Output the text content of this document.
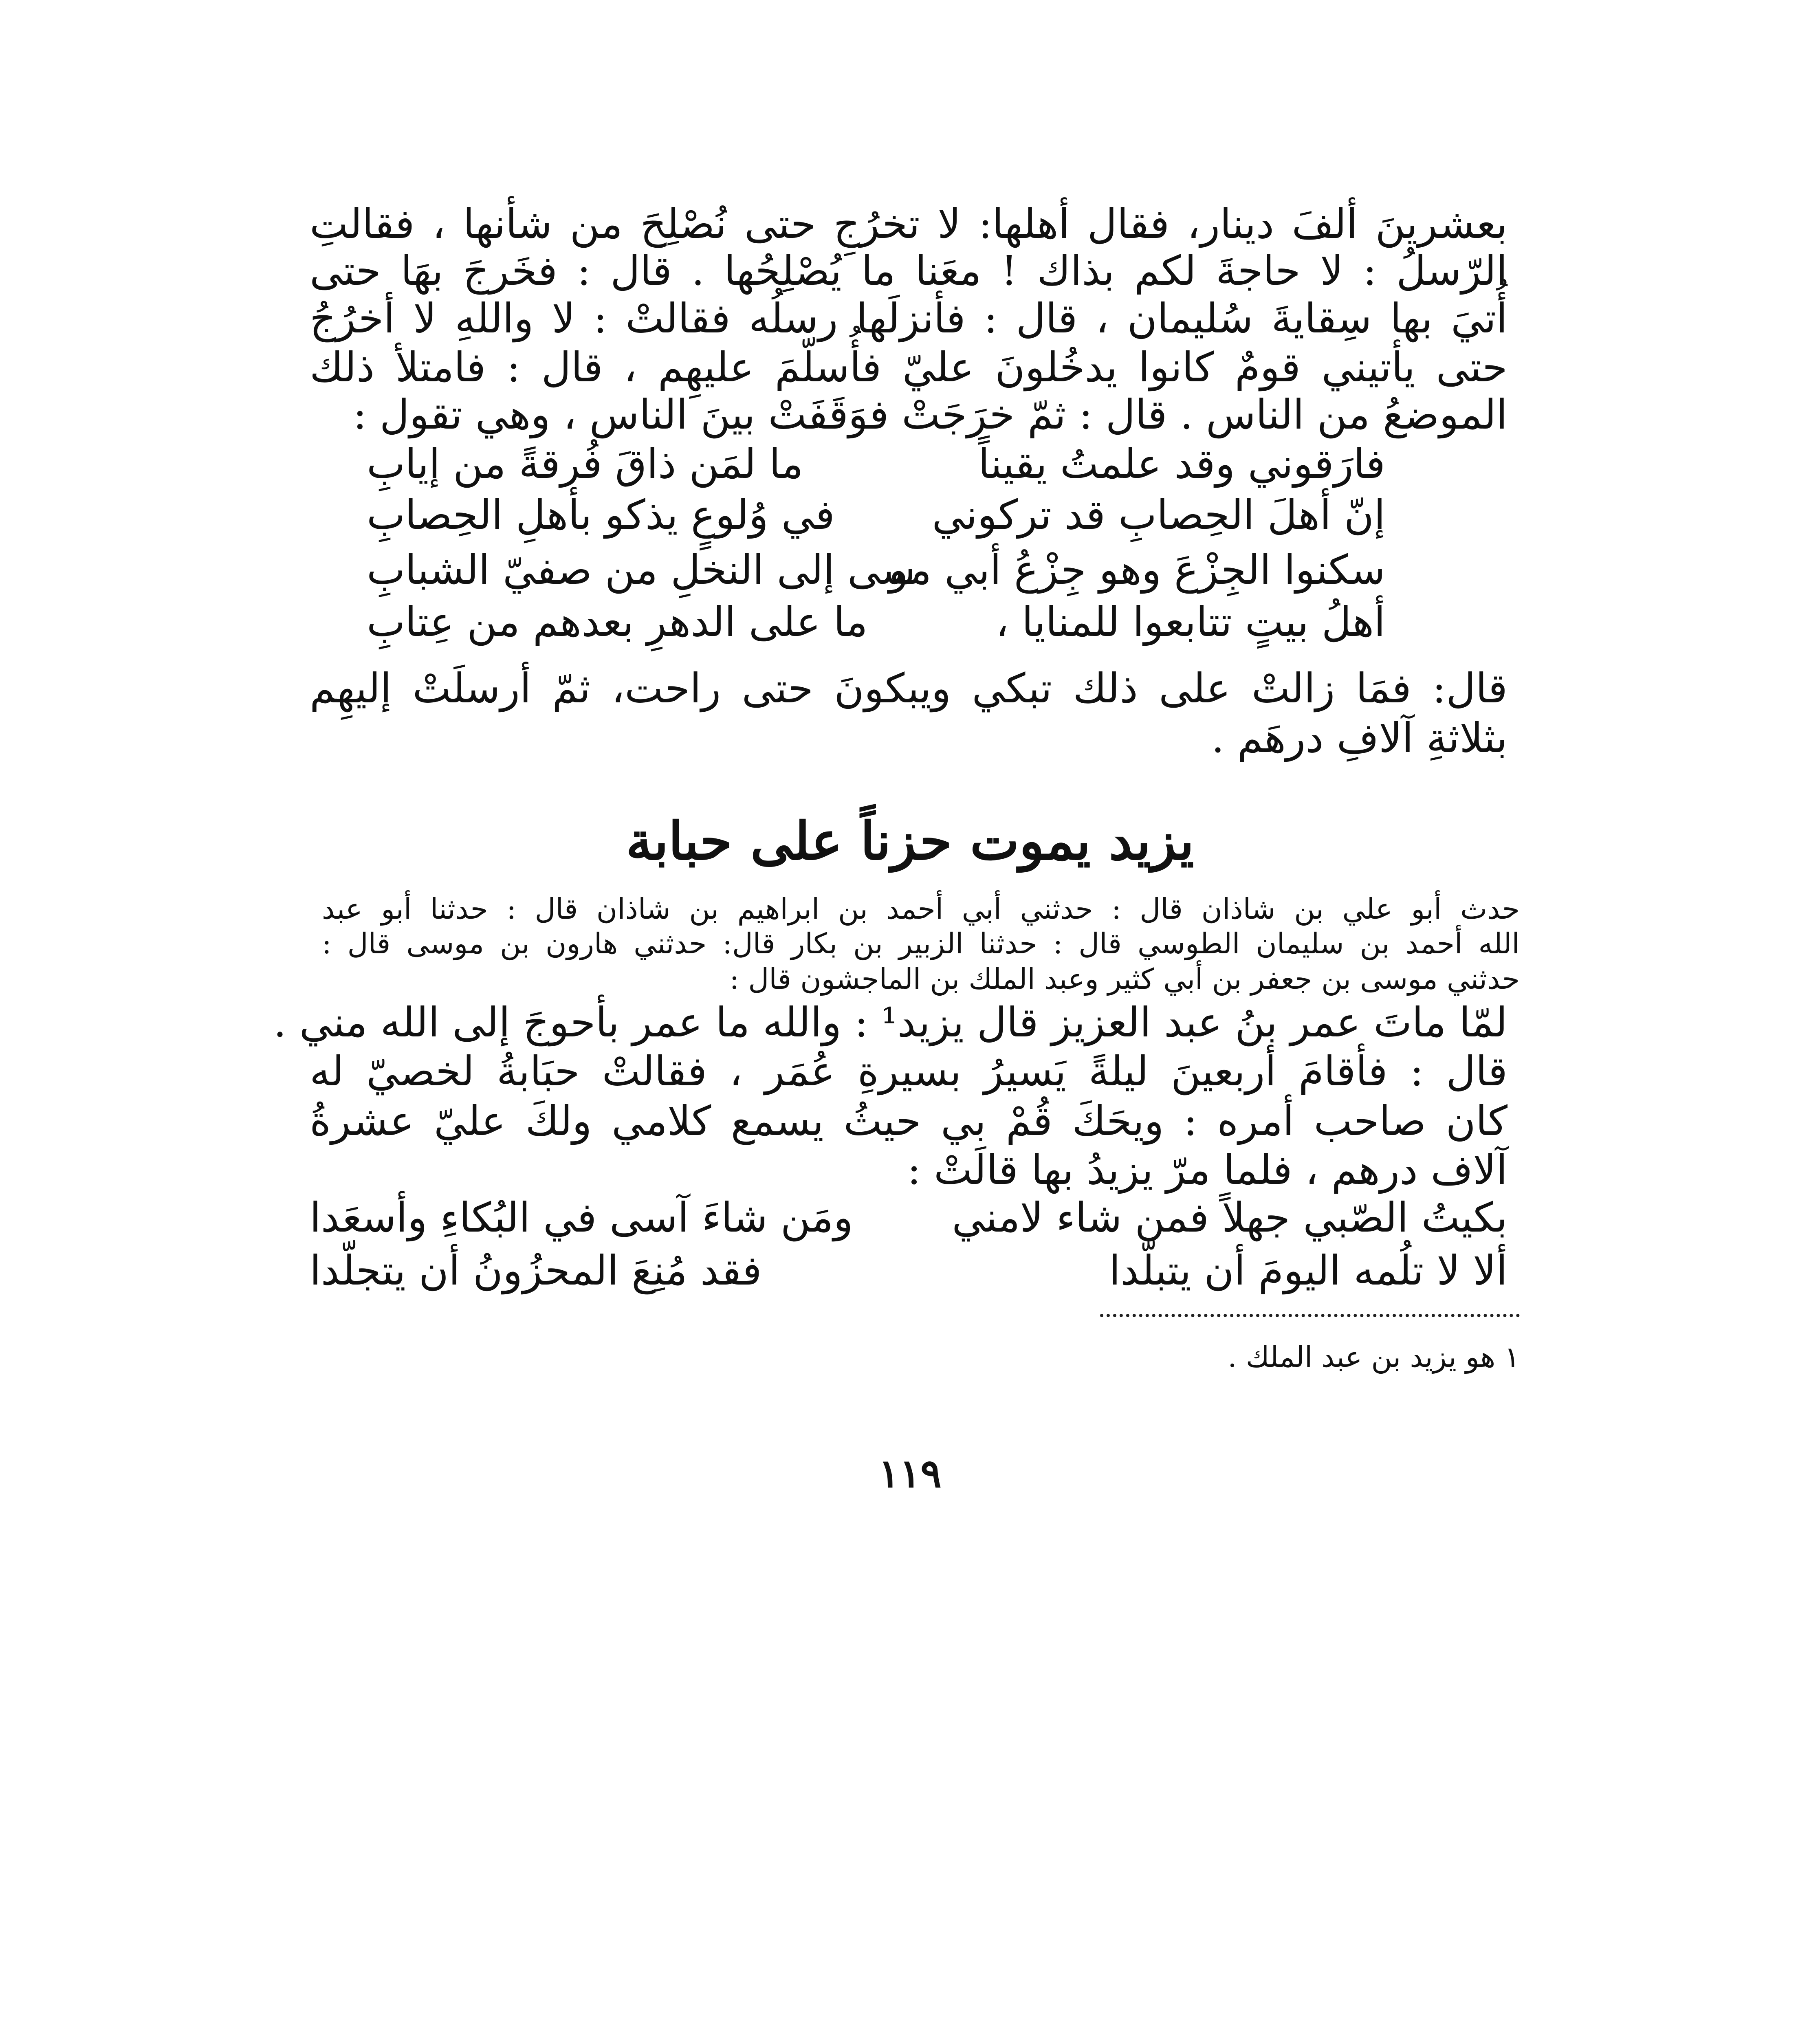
بعشرينَ ألفَ دينار، فقال أهلها: لا تخرُجِ حتى نُصْلِحَ من شأنها ، فقالتِ
الرّسلُ : لا حاجةَ لكم بذاك ! معَنا ما يُصْلِحُها . قال : فخَرجَ بهَا حتى
أُتيَ بها سِقايةَ سُليمان ، قال : فأنزلَها رسلُه فقالتْ : لا واللهِ لا أخرُجُ
حتى يأتيني قومٌ كانوا يدخُلونَ عليّ فأُسلّمَ عليهِم ، قال : فامتلأ ذلك
الموضعُ من الناس . قال : ثمّ خرَجَتْ فوَقَفَتْ بينَ الناس ، وهي تقول :
فارَقوني وقد علمتُ يقيناً
ما لمَن ذاقَ فُرقةً من إيابِ
إنّ أهلَ الحِصابِ قد تركوني
في وُلوعٍ يذكو بأهلِ الحِصابِ
سكنوا الجِزْعَ وهو جِزْعُ أبي مو
سى إلى النخلِ من صفيّ الشبابِ
أهلُ بيتٍ تتابعوا للمنايا ،
ما على الدهرِ بعدهم من عِتابِ
قال: فمَا زالتْ على ذلك تبكي ويبكونَ حتى راحت، ثمّ أرسلَتْ إليهِم
بثلاثةِ آلافِ درهَم .
يزيد يموت حزناً على حبابة
حدث أبو علي بن شاذان قال : حدثني أبي أحمد بن ابراهيم بن شاذان قال : حدثنا أبو عبد
الله أحمد بن سليمان الطوسي قال : حدثنا الزبير بن بكار قال: حدثني هارون بن موسى قال :
حدثني موسى بن جعفر بن أبي كثير وعبد الملك بن الماجشون قال :
لمّا ماتَ عمر بنُ عبد العزيز قال يزيد¹ : والله ما عمر بأحوجَ إلى الله مني .
قال : فأقامَ أربعينَ ليلةً يَسيرُ بسيرةِ عُمَر ، فقالتْ حبَابةُ لخصيّ له
كان صاحب أمره : ويحَكَ قُمْ بي حيثُ يسمع كلامي ولكَ عليّ عشرةُ
آلاف درهم ، فلما مرّ يزيدُ بها قالَتْ :
بكيتُ الصّبي جهلاً فمن شاء لامني
ومَن شاءَ آسى في البُكاءِ وأسعَدا
ألا لا تلُمه اليومَ أن يتبلّدا
فقد مُنِعَ المحزُونُ أن يتجلّدا
١ هو يزيد بن عبد الملك .
١١٩
